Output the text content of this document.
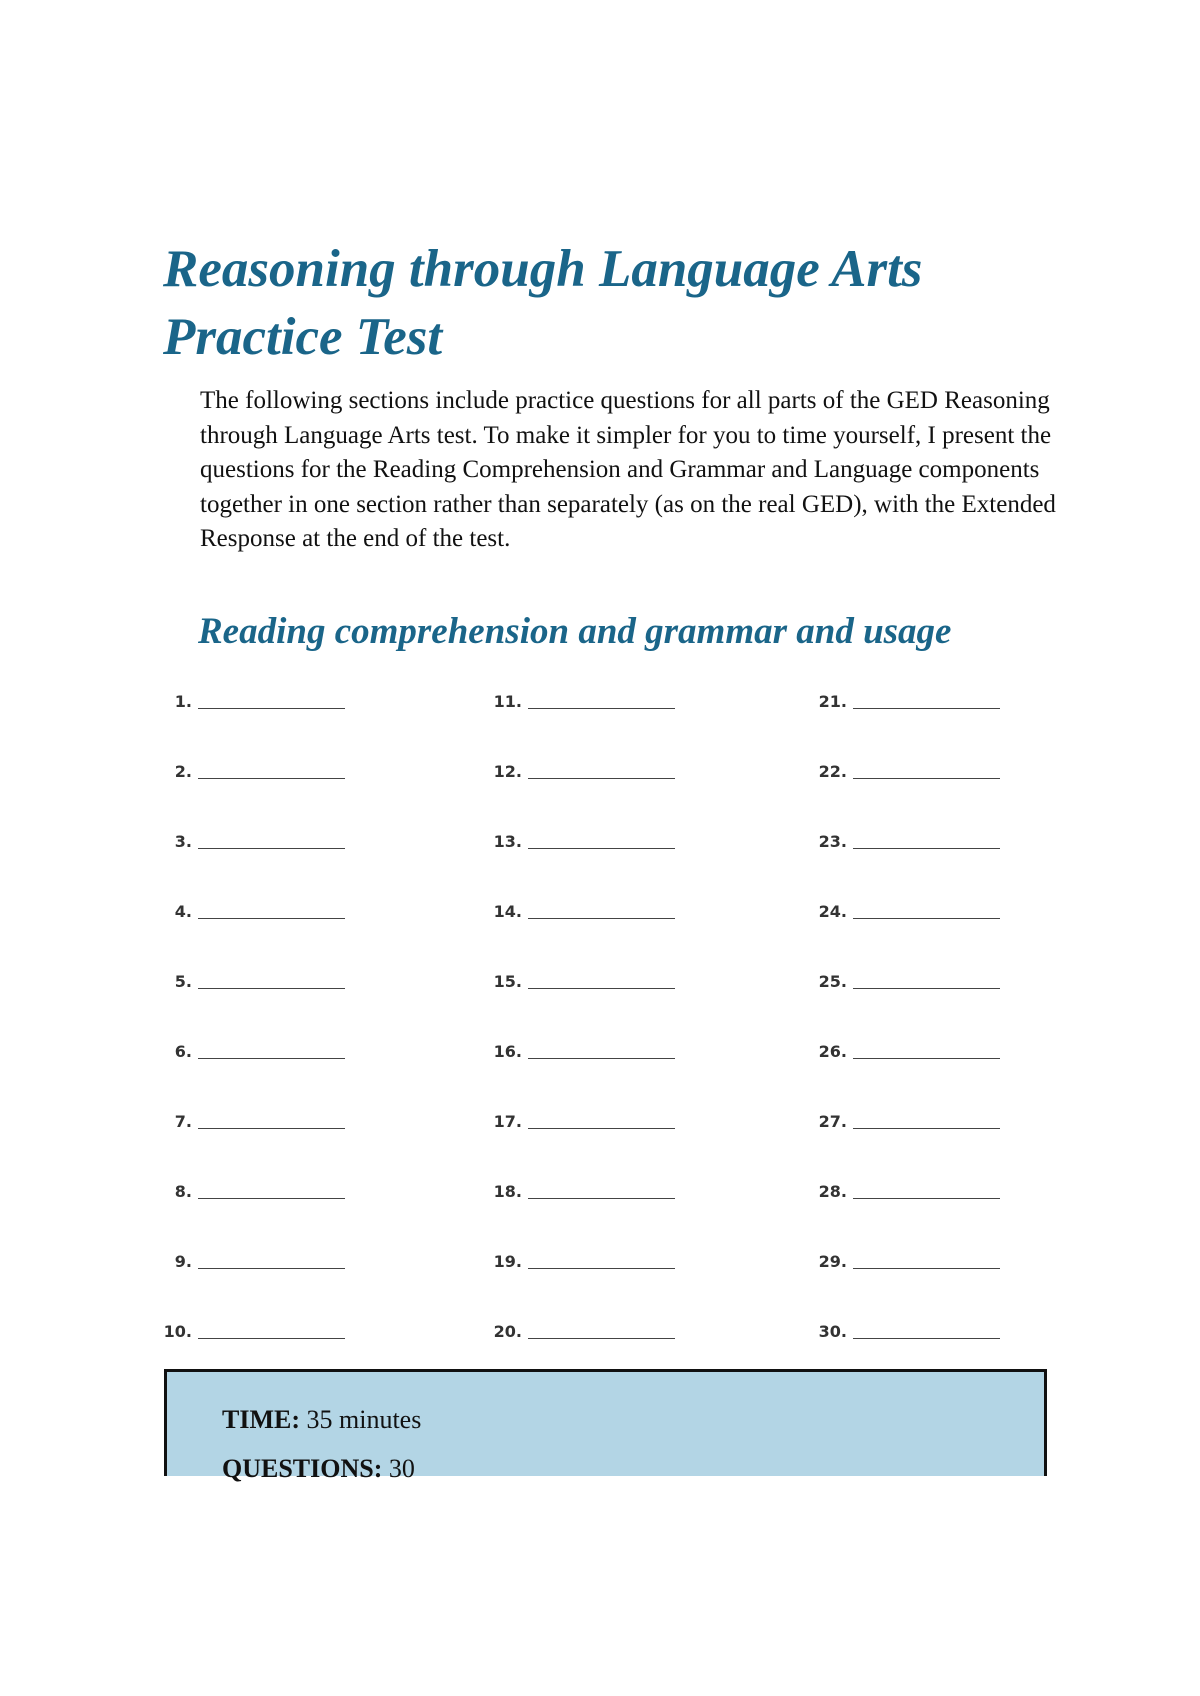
Reasoning through Language Arts
Practice Test

The following sections include practice questions for all parts of the GED Reasoning through Language Arts test. To make it simpler for you to time yourself, I present the questions for the Reading Comprehension and Grammar and Language components together in one section rather than separately (as on the real GED), with the Extended Response at the end of the test.

Reading comprehension and grammar and usage
1.
2.
3.
4.
5.
6.
7.
8.
9.
10.
11.
12.
13.
14.
15.
16.
17.
18.
19.
20.
21.
22.
23.
24.
25.
26.
27.
28.
29.
30.

TIME: 35 minutes

QUESTIONS: 30
